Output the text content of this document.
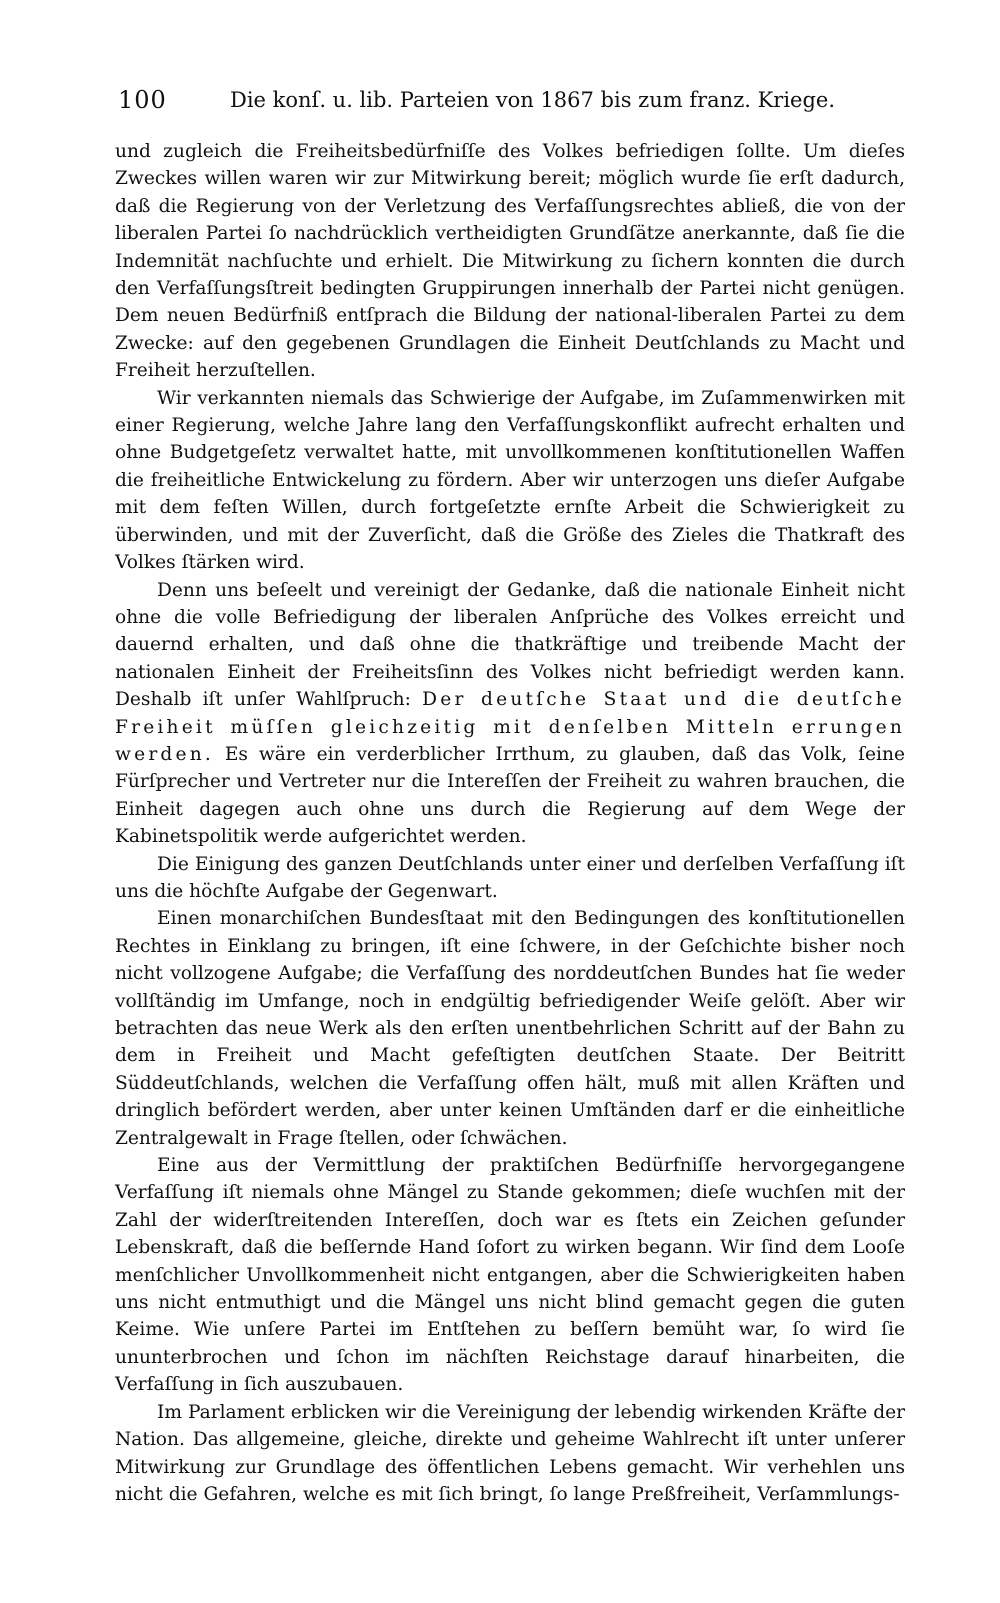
100	Die konſ. u. lib. Parteien von 1867 bis zum franz. Kriege.

und zugleich die Freiheitsbedürfniſſe des Volkes befriedigen ſollte. Um dieſes Zweckes willen waren wir zur Mitwirkung bereit; möglich wurde ſie erſt dadurch, daß die Regierung von der Verletzung des Verfaſſungsrechtes abließ, die von der liberalen Partei ſo nachdrücklich vertheidigten Grundſätze anerkannte, daß ſie die Indemnität nachſuchte und erhielt. Die Mitwirkung zu ſichern konnten die durch den Verfaſſungsſtreit bedingten Gruppirungen innerhalb der Partei nicht genügen. Dem neuen Bedürfniß entſprach die Bildung der national-liberalen Partei zu dem Zwecke: auf den gegebenen Grundlagen die Einheit Deutſchlands zu Macht und Freiheit herzuſtellen.

Wir verkannten niemals das Schwierige der Aufgabe, im Zuſammenwirken mit einer Regierung, welche Jahre lang den Verfaſſungskonflikt aufrecht erhalten und ohne Budgetgeſetz verwaltet hatte, mit unvollkommenen konſtitutionellen Waffen die freiheitliche Entwickelung zu fördern. Aber wir unterzogen uns dieſer Aufgabe mit dem feſten Willen, durch fortgeſetzte ernſte Arbeit die Schwierigkeit zu überwinden, und mit der Zuverſicht, daß die Größe des Zieles die Thatkraft des Volkes ſtärken wird.

Denn uns beſeelt und vereinigt der Gedanke, daß die nationale Einheit nicht ohne die volle Befriedigung der liberalen Anſprüche des Volkes erreicht und dauernd erhalten, und daß ohne die thatkräftige und treibende Macht der nationalen Einheit der Freiheitsſinn des Volkes nicht befriedigt werden kann. Deshalb iſt unſer Wahlſpruch: Der deutſche Staat und die deutſche Freiheit müſſen gleichzeitig mit denſelben Mitteln errungen werden. Es wäre ein verderblicher Irrthum, zu glauben, daß das Volk, ſeine Fürſprecher und Vertreter nur die Intereſſen der Freiheit zu wahren brauchen, die Einheit dagegen auch ohne uns durch die Regierung auf dem Wege der Kabinetspolitik werde aufgerichtet werden.

Die Einigung des ganzen Deutſchlands unter einer und derſelben Verfaſſung iſt uns die höchſte Aufgabe der Gegenwart.

Einen monarchiſchen Bundesſtaat mit den Bedingungen des konſtitutionellen Rechtes in Einklang zu bringen, iſt eine ſchwere, in der Geſchichte bisher noch nicht vollzogene Aufgabe; die Verfaſſung des norddeutſchen Bundes hat ſie weder vollſtändig im Umfange, noch in endgültig befriedigender Weiſe gelöſt. Aber wir betrachten das neue Werk als den erſten unentbehrlichen Schritt auf der Bahn zu dem in Freiheit und Macht gefeſtigten deutſchen Staate. Der Beitritt Süddeutſchlands, welchen die Verfaſſung offen hält, muß mit allen Kräften und dringlich befördert werden, aber unter keinen Umſtänden darf er die einheitliche Zentralgewalt in Frage ſtellen, oder ſchwächen.

Eine aus der Vermittlung der praktiſchen Bedürfniſſe hervorgegangene Verfaſſung iſt niemals ohne Mängel zu Stande gekommen; dieſe wuchſen mit der Zahl der widerſtreitenden Intereſſen, doch war es ſtets ein Zeichen geſunder Lebenskraft, daß die beſſernde Hand ſofort zu wirken begann. Wir ſind dem Looſe menſchlicher Unvollkommenheit nicht entgangen, aber die Schwierigkeiten haben uns nicht entmuthigt und die Mängel uns nicht blind gemacht gegen die guten Keime. Wie unſere Partei im Entſtehen zu beſſern bemüht war, ſo wird ſie ununterbrochen und ſchon im nächſten Reichstage darauf hinarbeiten, die Verfaſſung in ſich auszubauen.

Im Parlament erblicken wir die Vereinigung der lebendig wirkenden Kräfte der Nation. Das allgemeine, gleiche, direkte und geheime Wahlrecht iſt unter unſerer Mitwirkung zur Grundlage des öffentlichen Lebens gemacht. Wir verhehlen uns nicht die Gefahren, welche es mit ſich bringt, ſo lange Preßfreiheit, Verſammlungs-
